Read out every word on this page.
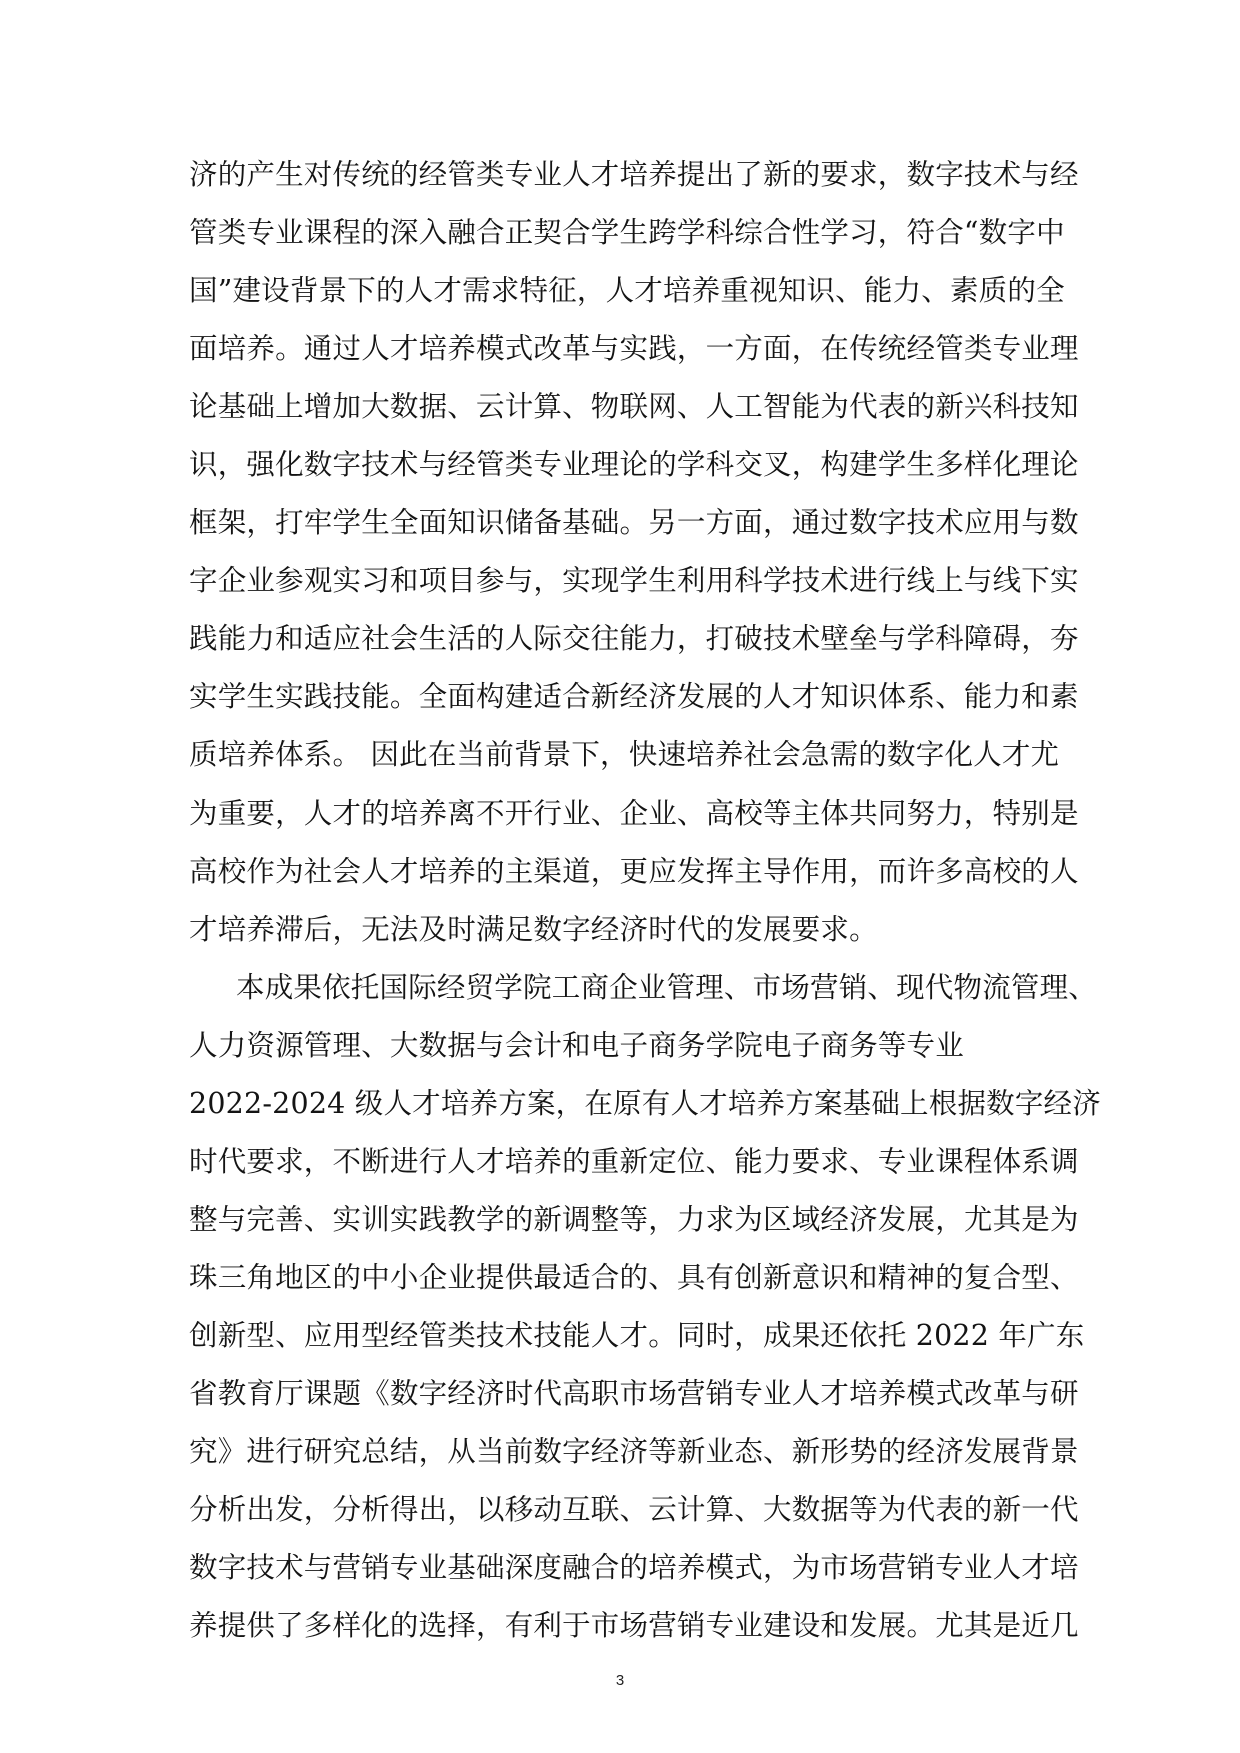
济的产生对传统的经管类专业人才培养提出了新的要求，数字技术与经
管类专业课程的深入融合正契合学生跨学科综合性学习，符合“数字中
国”建设背景下的人才需求特征，人才培养重视知识、能力、素质的全
面培养。通过人才培养模式改革与实践，一方面，在传统经管类专业理
论基础上增加大数据、云计算、物联网、人工智能为代表的新兴科技知
识，强化数字技术与经管类专业理论的学科交叉，构建学生多样化理论
框架，打牢学生全面知识储备基础。另一方面，通过数字技术应用与数
字企业参观实习和项目参与，实现学生利用科学技术进行线上与线下实
践能力和适应社会生活的人际交往能力，打破技术壁垒与学科障碍，夯
实学生实践技能。全面构建适合新经济发展的人才知识体系、能力和素
质培养体系。 因此在当前背景下，快速培养社会急需的数字化人才尤
为重要，人才的培养离不开行业、企业、高校等主体共同努力，特别是
高校作为社会人才培养的主渠道，更应发挥主导作用，而许多高校的人
才培养滞后，无法及时满足数字经济时代的发展要求。
本成果依托国际经贸学院工商企业管理、市场营销、现代物流管理、
人力资源管理、大数据与会计和电子商务学院电子商务等专业
2022-2024 级人才培养方案，在原有人才培养方案基础上根据数字经济
时代要求，不断进行人才培养的重新定位、能力要求、专业课程体系调
整与完善、实训实践教学的新调整等，力求为区域经济发展，尤其是为
珠三角地区的中小企业提供最适合的、具有创新意识和精神的复合型、
创新型、应用型经管类技术技能人才。同时，成果还依托 2022 年广东
省教育厅课题《数字经济时代高职市场营销专业人才培养模式改革与研
究》进行研究总结，从当前数字经济等新业态、新形势的经济发展背景
分析出发，分析得出，以移动互联、云计算、大数据等为代表的新一代
数字技术与营销专业基础深度融合的培养模式，为市场营销专业人才培
养提供了多样化的选择，有利于市场营销专业建设和发展。尤其是近几
3
